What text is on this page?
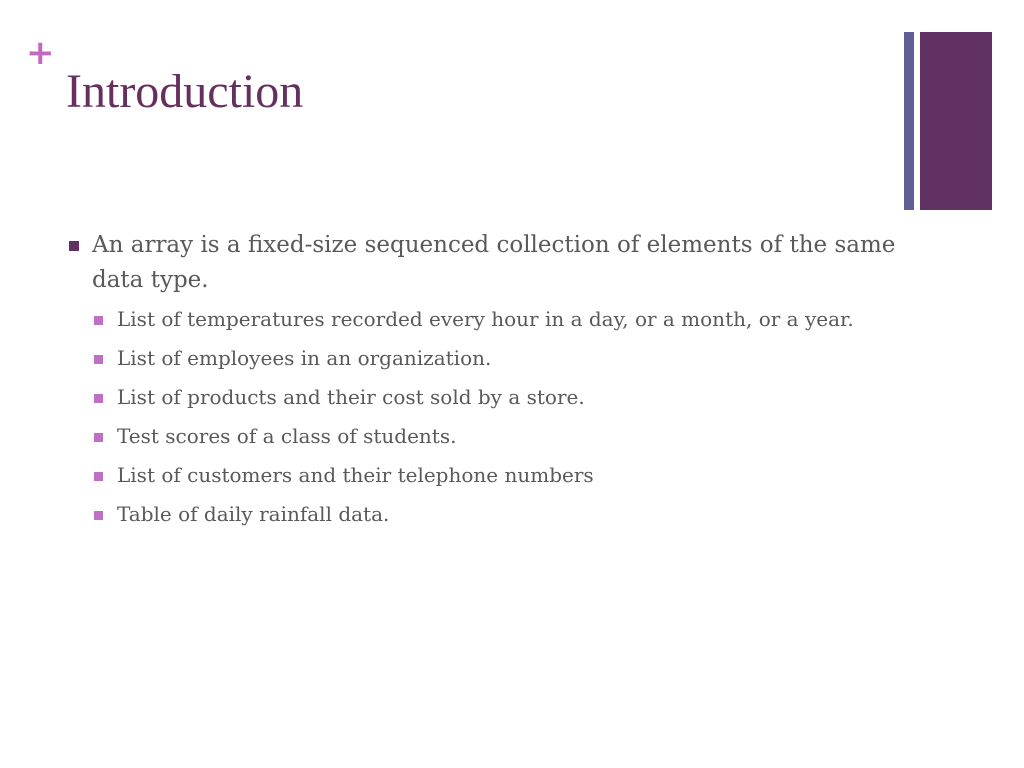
+
Introduction
An array is a fixed-size sequenced collection of elements of the same data type.
List of temperatures recorded every hour in a day, or a month, or a year.
List of employees in an organization.
List of products and their cost sold by a store.
Test scores of a class of students.
List of customers and their telephone numbers
Table of daily rainfall data.
